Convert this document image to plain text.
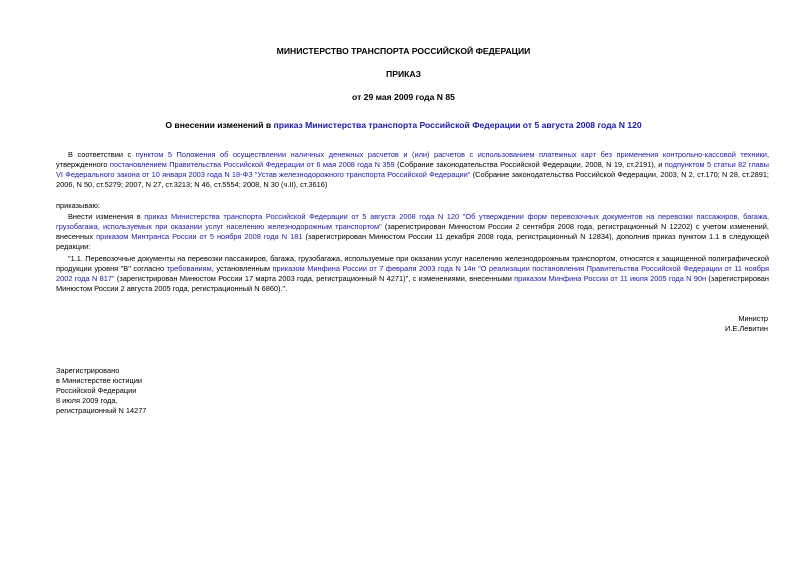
МИНИСТЕРСТВО ТРАНСПОРТА РОССИЙСКОЙ ФЕДЕРАЦИИ
ПРИКАЗ
от 29 мая 2009 года N 85
О внесении изменений в приказ Министерства транспорта Российской Федерации от 5 августа 2008 года N 120
В соответствии с пунктом 5 Положения об осуществлении наличных денежных расчетов и (или) расчетов с использованием платежных карт без применения контрольно-кассовой техники, утвержденного постановлением Правительства Российской Федерации от 6 мая 2008 года N 359 (Собрание законодательства Российской Федерации, 2008, N 19, ст.2191), и подпунктом 5 статьи 82 главы VI Федерального закона от 10 января 2003 года N 18-ФЗ "Устав железнодорожного транспорта Российской Федерации" (Собрание законодательства Российской Федерации, 2003, N 2, ст.170; N 28, ст.2891; 2006, N 50, ст.5279; 2007, N 27, ст.3213; N 46, ст.5554; 2008, N 30 (ч.II), ст.3616)
приказываю:
Внести изменения в приказ Министерства транспорта Российской Федерации от 5 августа 2008 года N 120 "Об утверждении форм перевозочных документов на перевозки пассажиров, багажа, грузобагажа, используемых при оказании услуг населению железнодорожным транспортом" (зарегистрирован Минюстом России 2 сентября 2008 года, регистрационный N 12202) с учетом изменений, внесенных приказом Минтранса России от 5 ноября 2008 года N 181 (зарегистрирован Минюстом России 11 декабря 2008 года, регистрационный N 12834), дополнив приказ пунктом 1.1 в следующей редакции:
"1.1. Перевозочные документы на перевозки пассажиров, багажа, грузобагажа, используемые при оказании услуг населению железнодорожным транспортом, относятся к защищенной полиграфической продукции уровня "В" согласно требованиям, установленным приказом Минфина России от 7 февраля 2003 года N 14н "О реализации постановления Правительства Российской Федерации от 11 ноября 2002 года N 817" (зарегистрирован Минюстом России 17 марта 2003 года, регистрационный N 4271)", с изменениями, внесенными приказом Минфина России от 11 июля 2005 года N 90н (зарегистрирован Минюстом России 2 августа 2005 года, регистрационный N 6860).".
Министр
И.Е.Левитин
Зарегистрировано
в Министерстве юстиции
Российской Федерации
8 июля 2009 года,
регистрационный N 14277
